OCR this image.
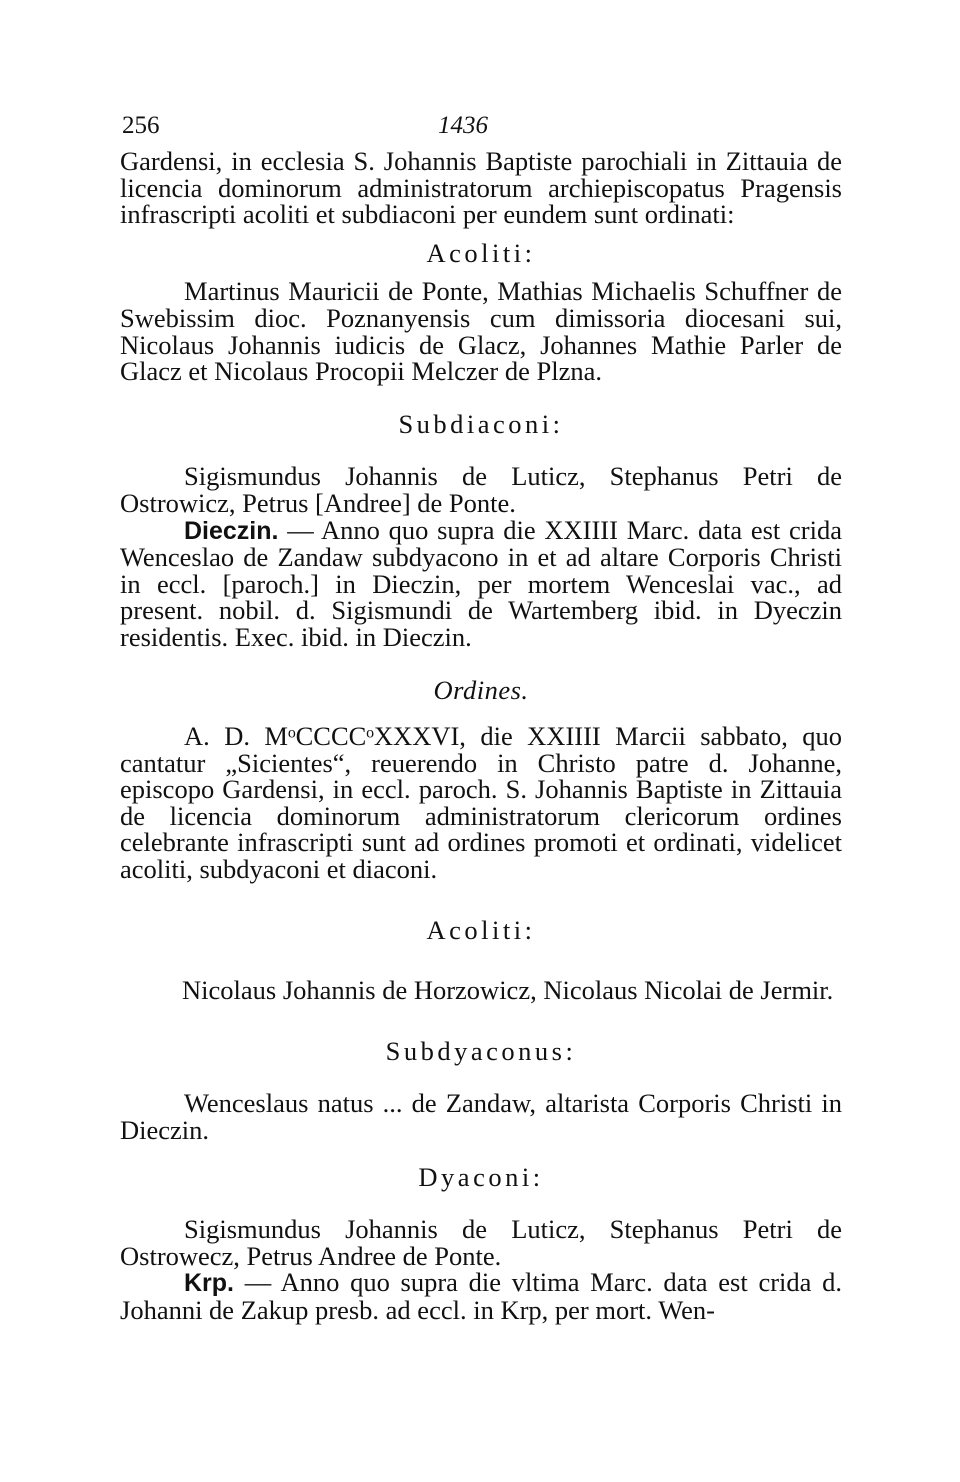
256	1436

Gardensi, in ecclesia S. Johannis Baptiste parochiali in Zittauia de licencia dominorum administratorum archiepiscopatus Pragensis infrascripti acoliti et subdiaconi per eundem sunt ordinati:

Acoliti:

Martinus Mauricii de Ponte, Mathias Michaelis Schuffner de Swebissim dioc. Poznanyensis cum dimissoria diocesani sui, Nicolaus Johannis iudicis de Glacz, Johannes Mathie Parler de Glacz et Nicolaus Procopii Melczer de Plzna.

Subdiaconi:

Sigismundus Johannis de Luticz, Stephanus Petri de Ostrowicz, Petrus [Andree] de Ponte.

Dieczin. — Anno quo supra die XXIIII Marc. data est crida Wenceslao de Zandaw subdyacono in et ad altare Corporis Christi in eccl. [paroch.] in Dieczin, per mortem Wenceslai vac., ad present. nobil. d. Sigismundi de Wartemberg ibid. in Dyeczin residentis. Exec. ibid. in Dieczin.

Ordines.

A. D. MᵒCCCCᵒXXXVI, die XXIIII Marcii sabbato, quo cantatur „Sicientes“, reuerendo in Christo patre d. Johanne, episcopo Gardensi, in eccl. paroch. S. Johannis Baptiste in Zittauia de licencia dominorum administratorum clericorum ordines celebrante infrascripti sunt ad ordines promoti et ordinati, videlicet acoliti, subdyaconi et diaconi.

Acoliti:

Nicolaus Johannis de Horzowicz, Nicolaus Nicolai de Jermir.

Subdyaconus:

Wenceslaus natus ... de Zandaw, altarista Corporis Christi in Dieczin.

Dyaconi:

Sigismundus Johannis de Luticz, Stephanus Petri de Ostrowecz, Petrus Andree de Ponte.

Krp. — Anno quo supra die vltima Marc. data est crida d. Johanni de Zakup presb. ad eccl. in Krp, per mort. Wen-
